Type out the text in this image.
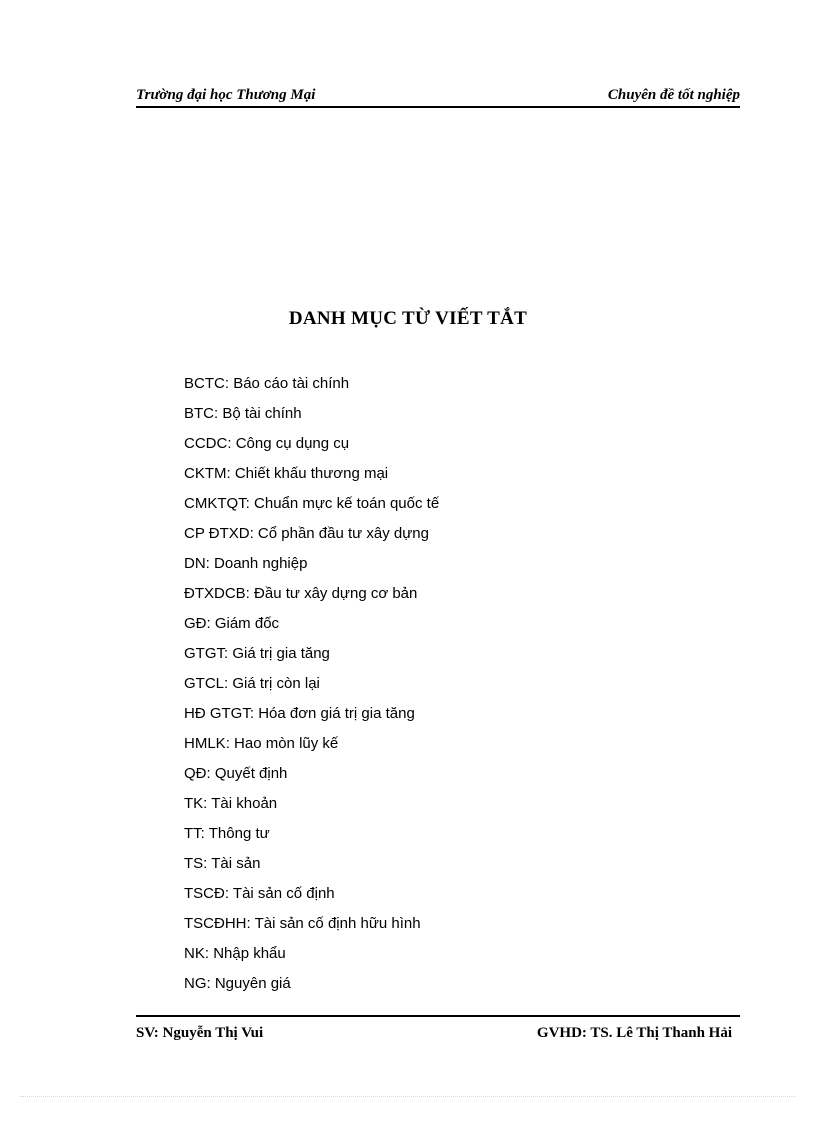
Trường đại học Thương Mại	Chuyên đề tốt nghiệp
DANH MỤC TỪ VIẾT TẮT
BCTC: Báo cáo tài chính
BTC: Bộ tài chính
CCDC: Công cụ dụng cụ
CKTM: Chiết khấu thương mại
CMKTQT: Chuẩn mực kế toán quốc tế
CP ĐTXD: Cổ phần đầu tư xây dựng
DN: Doanh nghiệp
ĐTXDCB: Đầu tư xây dựng cơ bản
GĐ: Giám đốc
GTGT: Giá trị gia tăng
GTCL: Giá trị còn lại
HĐ GTGT: Hóa đơn giá trị gia tăng
HMLK: Hao mòn lũy kế
QĐ: Quyết định
TK: Tài khoản
TT: Thông tư
TS: Tài sản
TSCĐ: Tài sản cố định
TSCĐHH: Tài sản cố định hữu hình
NK: Nhập khẩu
NG: Nguyên giá
SV: Nguyễn Thị Vui	GVHD: TS. Lê Thị Thanh Hải
